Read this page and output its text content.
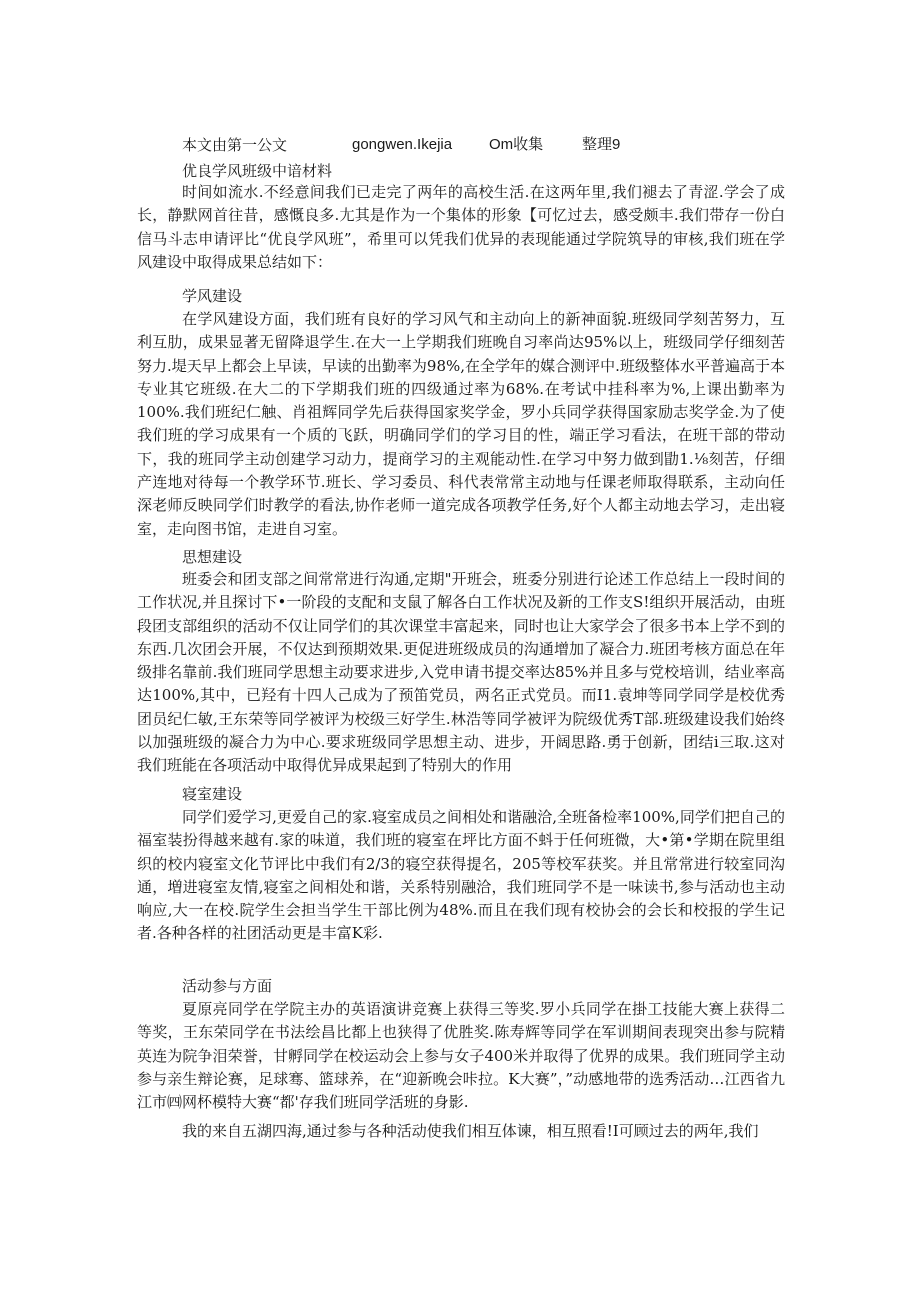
本文由第一公文	gongwen.Ikejia Om收集	整理9
优良学风班级中谙材料

时间如流水.不经意间我们已走完了两年的高校生活.在这两年里,我们褪去了青涩.学会了成长，静默网首往昔，感慨良多.尢其是作为一个集体的形象【可忆过去，感受颇丰.我们带存一份白信马斗志申请评比“优良学风班”，希里可以凭我们优异的表现能通过学院筑导的审核,我们班在学风建设中取得成果总结如下：

学风建设

在学风建设方面，我们班有良好的学习风气和主动向上的新神面貌.班级同学刻苦努力，互利互肋，成果显著无留降退学生.在大一上学期我们班晚自习率尚达95%以上，班级同学仔细刻苦努力.堤天早上都会上早读，早读的出勤率为98%,在全学年的媒合测评中.班级整体水平普遍高于本专业其它班级.在大二的下学期我们班的四级通过率为68%.在考试中挂科率为%,上课出勤率为100%.我们班纪仁触、肖祖辉同学先后获得国家奖学金，罗小兵同学获得国家励志奖学金.为了使我们班的学习成果有一个质的飞跃，明确同学们的学习目的性，端正学习看法，在班干部的带动下，我的班同学主动创建学习动力，提商学习的主观能动性.在学习中努力做到勖1.⅛刻苦，仔细产连地对待每一个教学环节.班长、学习委员、科代表常常主动地与任课老师取得联系，主动向任深老师反映同学们时教学的看法,协作老师一道完成各项教学任务,好个人都主动地去学习，走出寝室，走向图书馆，走进自习室。

思想建设

班委会和团支部之间常常进行沟通,定期"开班会，班委分别进行论述工作总结上一段时间的工作状况,并且探讨下•一阶段的支配和支鼠了解各白工作状况及新的工作支S!组织开展活动，由班段团支部组织的活动不仅让同学们的其次课堂丰富起来，同时也让大家学会了很多书本上学不到的东西.几次团会开展，不仅达到预期效果.更促进班级成员的沟通增加了凝合力.班团考核方面总在年级排名靠前.我们班同学思想主动要求进步,入党申请书提交率达85%并且多与党校培训，结业率高达100%,其中，已羟有十四人己成为了预笛党员，两名正式党员。而I1.袁坤等同学同学是校优秀团员纪仁敏,王东荣等同学被评为校级三好学生.林浩等同学被评为院级优秀T部.班级建设我们始终以加强班级的凝合力为中心.要求班级同学思想主动、进步，开阔思路.勇于创新，团结i三取.这对我们班能在各项活动中取得优异成果起到了特别大的作用

寝室建设

同学们爱学习,更爱自己的家.寝室成员之间相处和谐融洽,全班备检率100%,同学们把自己的福室装扮得越来越有.家的味道，我们班的寝室在坪比方面不蚪于任何班微，大•第•学期在院里组织的校内寝室文化节评比中我们有2/3的寝空获得提名，205等校军获奖。并且常常进行较室同沟通，増进寝室友情,寝室之间相处和谐，关系特别融洽，我们班同学不是一味读书,参与活动也主动响应,大一在校.院学生会担当学生干部比例为48%.而且在我们现有校协会的会长和校报的学生记者.各种各样的社团活动更是丰富K彩.

活动参与方面

夏原亮同学在学院主办的英语演讲竞赛上获得三等奖.罗小兵同学在掛工技能大赛上获得二等奖，王东荣同学在书法绘昌比都上也狭得了优胜奖.陈寿辉等同学在军训期间表现突出参与院精英连为院争泪荣誉，甘孵同学在校运动会上参与女子400米并取得了优界的成果。我们班同学主动参与亲生辩论赛，足球骞、篮球养，在“迎新晚会咔拉。K大赛”，”动感地带的选秀活动…江西省九江市㈣网杯模特大赛“都'存我们班同学活班的身影.

我的来自五湖四海,通过参与各种活动使我们相互体谏，相互照看!I可顾过去的两年,我们
